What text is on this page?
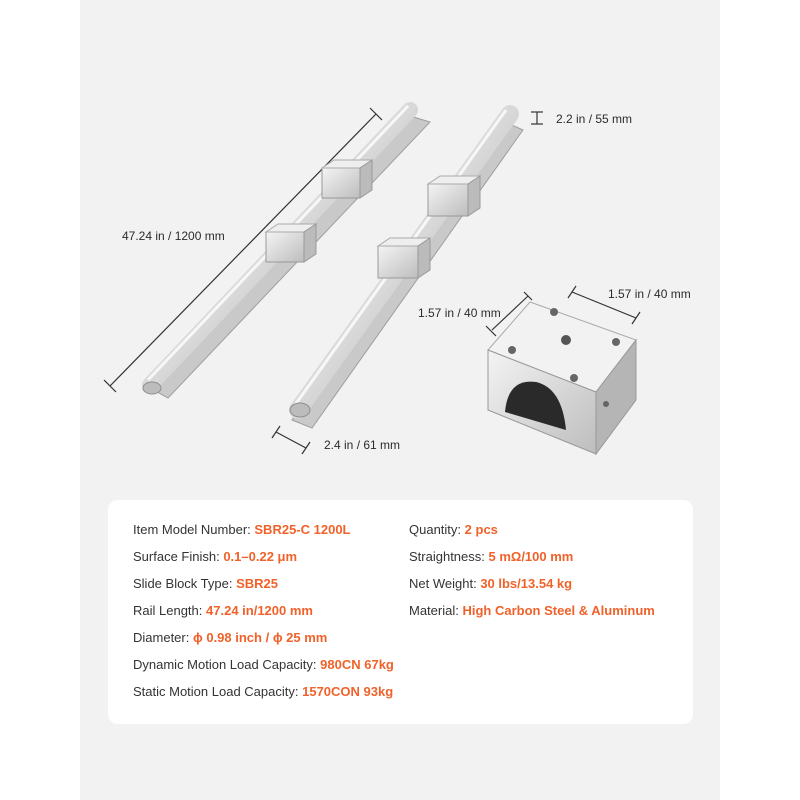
47.24 in / 1200 mm
2.2 in / 55 mm
2.4 in / 61 mm
1.57 in / 40 mm
1.57 in / 40 mm
Item Model Number: SBR25-C 1200L	Quantity: 2 pcs
Surface Finish: 0.1–0.22 μm	Straightness: 5 mΩ/100 mm
Slide Block Type: SBR25	Net Weight: 30 lbs/13.54 kg
Rail Length: 47.24 in/1200 mm	Material: High Carbon Steel & Aluminum
Diameter: ϕ 0.98 inch / ϕ 25 mm
Dynamic Motion Load Capacity: 980CN 67kg
Static Motion Load Capacity: 1570CON 93kg
